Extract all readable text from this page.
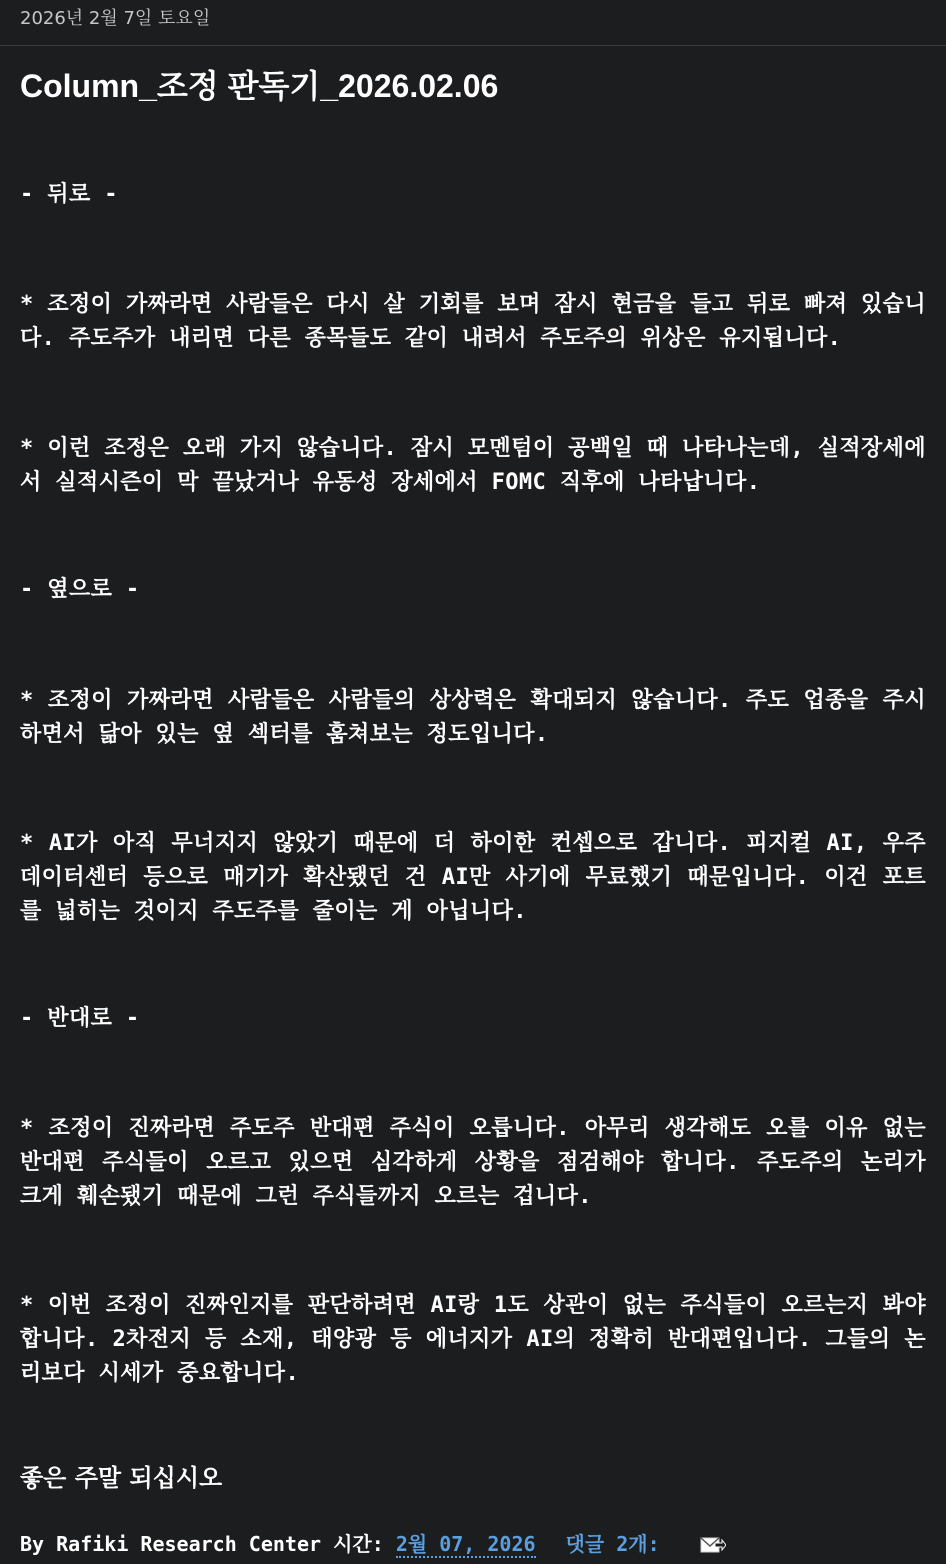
2026년 2월 7일 토요일
Column_조정 판독기_2026.02.06
- 뒤로 -
* 조정이 가짜라면 사람들은 다시 살 기회를 보며 잠시 현금을 들고 뒤로 빠져 있습니다. 주도주가 내리면 다른 종목들도 같이 내려서 주도주의 위상은 유지됩니다.
* 이런 조정은 오래 가지 않습니다. 잠시 모멘텀이 공백일 때 나타나는데, 실적장세에서 실적시즌이 막 끝났거나 유동성 장세에서 FOMC 직후에 나타납니다.
- 옆으로 -
* 조정이 가짜라면 사람들은 사람들의 상상력은 확대되지 않습니다. 주도 업종을 주시하면서 닮아 있는 옆 섹터를 훔쳐보는 정도입니다.
* AI가 아직 무너지지 않았기 때문에 더 하이한 컨셉으로 갑니다. 피지컬 AI, 우주 데이터센터 등으로 매기가 확산됐던 건 AI만 사기에 무료했기 때문입니다. 이건 포트를 넓히는 것이지 주도주를 줄이는 게 아닙니다.
- 반대로 -
* 조정이 진짜라면 주도주 반대편 주식이 오릅니다. 아무리 생각해도 오를 이유 없는 반대편 주식들이 오르고 있으면 심각하게 상황을 점검해야 합니다. 주도주의 논리가 크게 훼손됐기 때문에 그런 주식들까지 오르는 겁니다.
* 이번 조정이 진짜인지를 판단하려면 AI랑 1도 상관이 없는 주식들이 오르는지 봐야 합니다. 2차전지 등 소재, 태양광 등 에너지가 AI의 정확히 반대편입니다. 그들의 논리보다 시세가 중요합니다.
좋은 주말 되십시오
By Rafiki Research Center 시간: 2월 07, 2026 댓글 2개:
